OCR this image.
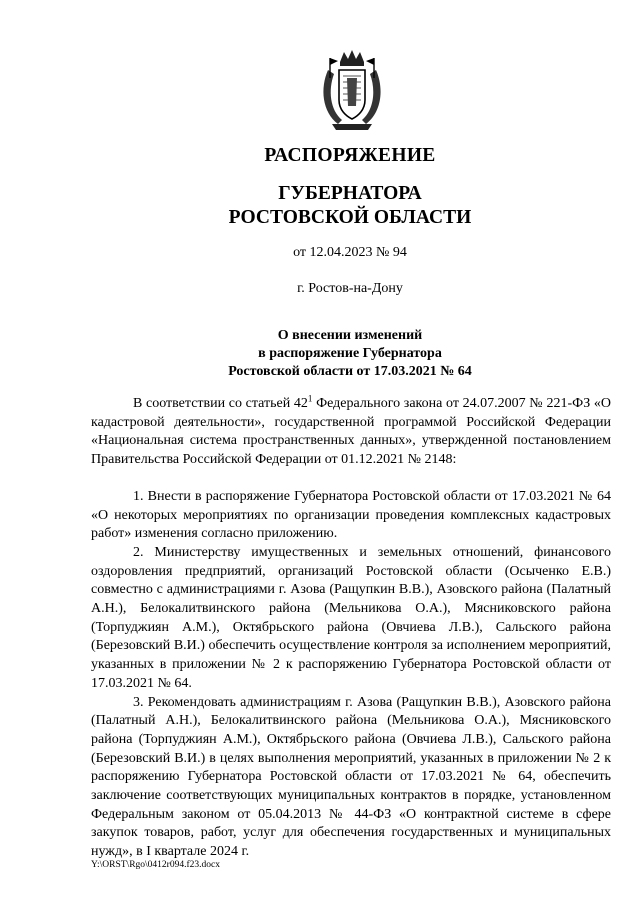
РАСПОРЯЖЕНИЕ
ГУБЕРНАТОРА
РОСТОВСКОЙ ОБЛАСТИ
от 12.04.2023 № 94
г. Ростов-на-Дону
О внесении изменений
в распоряжение Губернатора
Ростовской области от 17.03.2021 № 64

В соответствии со статьей $42^1$ Федерального закона от 24.07.2007 № 221-ФЗ «О кадастровой деятельности», государственной программой Российской Федерации «Национальная система пространственных данных», утвержденной постановлением Правительства Российской Федерации от 01.12.2021 № 2148:

1. Внести в распоряжение Губернатора Ростовской области от 17.03.2021 № 64 «О некоторых мероприятиях по организации проведения комплексных кадастровых работ» изменения согласно приложению.

2. Министерству имущественных и земельных отношений, финансового оздоровления предприятий, организаций Ростовской области (Осыченко Е.В.) совместно с администрациями г. Азова (Ращупкин В.В.), Азовского района (Палатный А.Н.), Белокалитвинского района (Мельникова О.А.), Мясниковского района (Торпуджиян А.М.), Октябрьского района (Овчиева Л.В.), Сальского района (Березовский В.И.) обеспечить осуществление контроля за исполнением мероприятий, указанных в приложении № 2 к распоряжению Губернатора Ростовской области от 17.03.2021 № 64.

3. Рекомендовать администрациям г. Азова (Ращупкин В.В.), Азовского района (Палатный А.Н.), Белокалитвинского района (Мельникова О.А.), Мясниковского района (Торпуджиян А.М.), Октябрьского района (Овчиева Л.В.), Сальского района (Березовский В.И.) в целях выполнения мероприятий, указанных в приложении № 2 к распоряжению Губернатора Ростовской области от 17.03.2021 № 64, обеспечить заключение соответствующих муниципальных контрактов в порядке, установленном Федеральным законом от 05.04.2013 № 44-ФЗ «О контрактной системе в сфере закупок товаров, работ, услуг для обеспечения государственных и муниципальных нужд», в I квартале 2024 г.

Y:\ORST\Rgo\0412r094.f23.docx
